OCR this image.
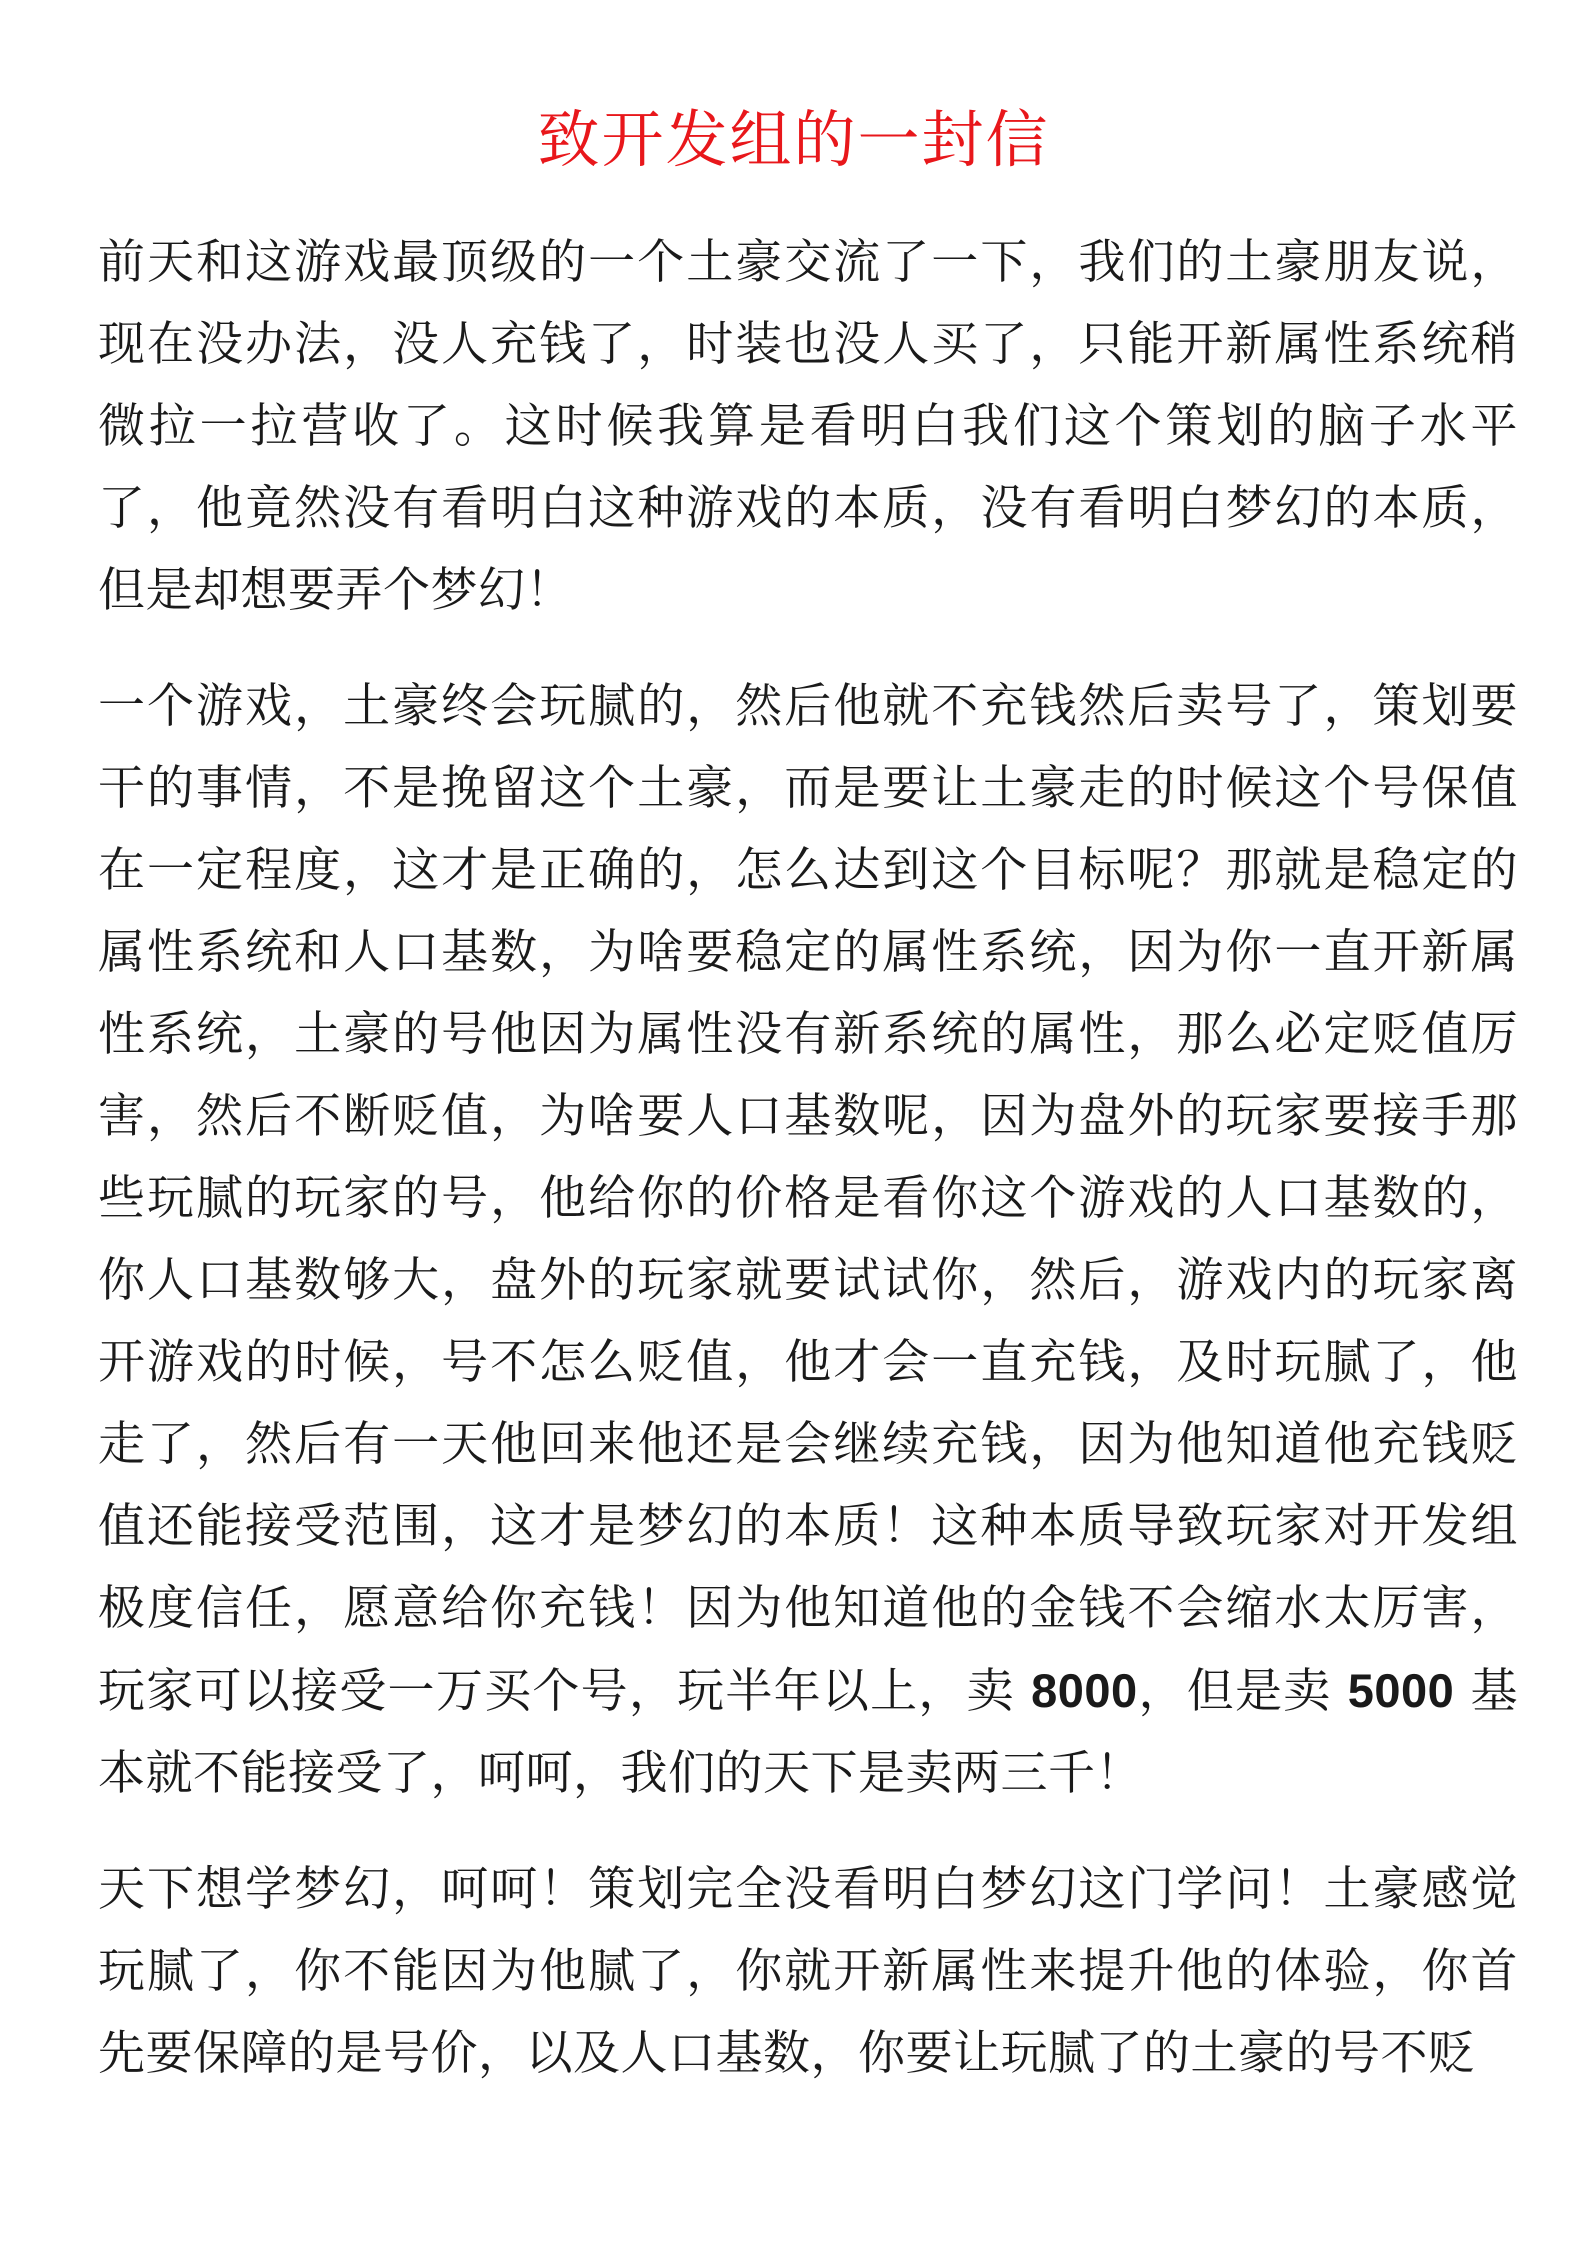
致开发组的一封信

前天和这游戏最顶级的一个土豪交流了一下，我们的土豪朋友说，现在没办法，没人充钱了，时装也没人买了，只能开新属性系统稍微拉一拉营收了。这时候我算是看明白我们这个策划的脑子水平了，他竟然没有看明白这种游戏的本质，没有看明白梦幻的本质，但是却想要弄个梦幻！

一个游戏，土豪终会玩腻的，然后他就不充钱然后卖号了，策划要干的事情，不是挽留这个土豪，而是要让土豪走的时候这个号保值在一定程度，这才是正确的，怎么达到这个目标呢？那就是稳定的属性系统和人口基数，为啥要稳定的属性系统，因为你一直开新属性系统，土豪的号他因为属性没有新系统的属性，那么必定贬值厉害，然后不断贬值，为啥要人口基数呢，因为盘外的玩家要接手那些玩腻的玩家的号，他给你的价格是看你这个游戏的人口基数的，你人口基数够大，盘外的玩家就要试试你，然后，游戏内的玩家离开游戏的时候，号不怎么贬值，他才会一直充钱，及时玩腻了，他走了，然后有一天他回来他还是会继续充钱，因为他知道他充钱贬值还能接受范围，这才是梦幻的本质！这种本质导致玩家对开发组极度信任，愿意给你充钱！因为他知道他的金钱不会缩水太厉害，玩家可以接受一万买个号，玩半年以上，卖 8000，但是卖 5000 基本就不能接受了，呵呵，我们的天下是卖两三千！

天下想学梦幻，呵呵！策划完全没看明白梦幻这门学问！土豪感觉玩腻了，你不能因为他腻了，你就开新属性来提升他的体验，你首先要保障的是号价，以及人口基数，你要让玩腻了的土豪的号不贬
